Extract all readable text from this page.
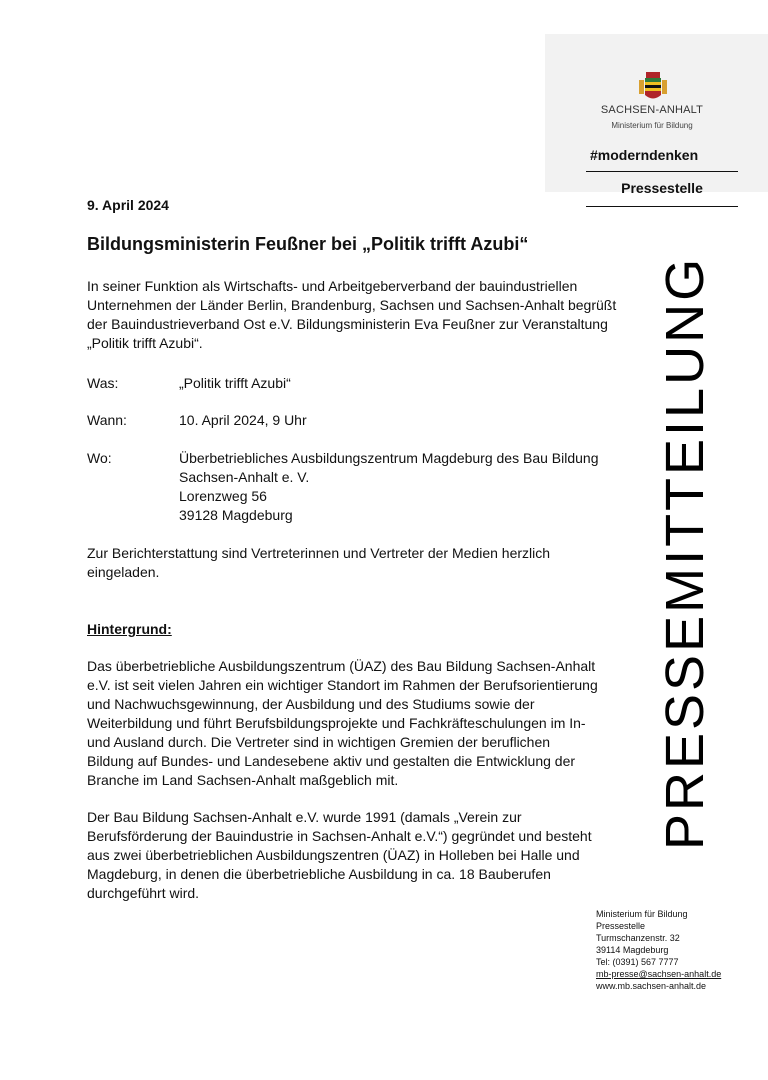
SACHSEN-ANHALT
Ministerium für Bildung
#moderndenken
Pressestelle
PRESSEMITTEILUNG
9. April 2024
Bildungsministerin Feußner bei „Politik trifft Azubi“
In seiner Funktion als Wirtschafts- und Arbeitgeberverband der bauindustriellen
Unternehmen der Länder Berlin, Brandenburg, Sachsen und Sachsen-Anhalt begrüßt
der Bauindustrieverband Ost e.V. Bildungsministerin Eva Feußner zur Veranstaltung
„Politik trifft Azubi“.
Was:	„Politik trifft Azubi“
Wann:	10. April 2024, 9 Uhr
Wo:	Überbetriebliches Ausbildungszentrum Magdeburg des Bau Bildung
Sachsen-Anhalt e. V.
Lorenzweg 56
39128 Magdeburg
Zur Berichterstattung sind Vertreterinnen und Vertreter der Medien herzlich
eingeladen.
Hintergrund:
Das überbetriebliche Ausbildungszentrum (ÜAZ) des Bau Bildung Sachsen-Anhalt
e.V. ist seit vielen Jahren ein wichtiger Standort im Rahmen der Berufsorientierung
und Nachwuchsgewinnung, der Ausbildung und des Studiums sowie der
Weiterbildung und führt Berufsbildungsprojekte und Fachkräfteschulungen im In-
und Ausland durch. Die Vertreter sind in wichtigen Gremien der beruflichen
Bildung auf Bundes- und Landesebene aktiv und gestalten die Entwicklung der
Branche im Land Sachsen-Anhalt maßgeblich mit.
Der Bau Bildung Sachsen-Anhalt e.V. wurde 1991 (damals „Verein zur
Berufsförderung der Bauindustrie in Sachsen-Anhalt e.V.“) gegründet und besteht
aus zwei überbetrieblichen Ausbildungszentren (ÜAZ) in Holleben bei Halle und
Magdeburg, in denen die überbetriebliche Ausbildung in ca. 18 Bauberufen
durchgeführt wird.
Ministerium für Bildung
Pressestelle
Turmschanzenstr. 32
39114 Magdeburg
Tel: (0391) 567 7777
mb-presse@sachsen-anhalt.de
www.mb.sachsen-anhalt.de
